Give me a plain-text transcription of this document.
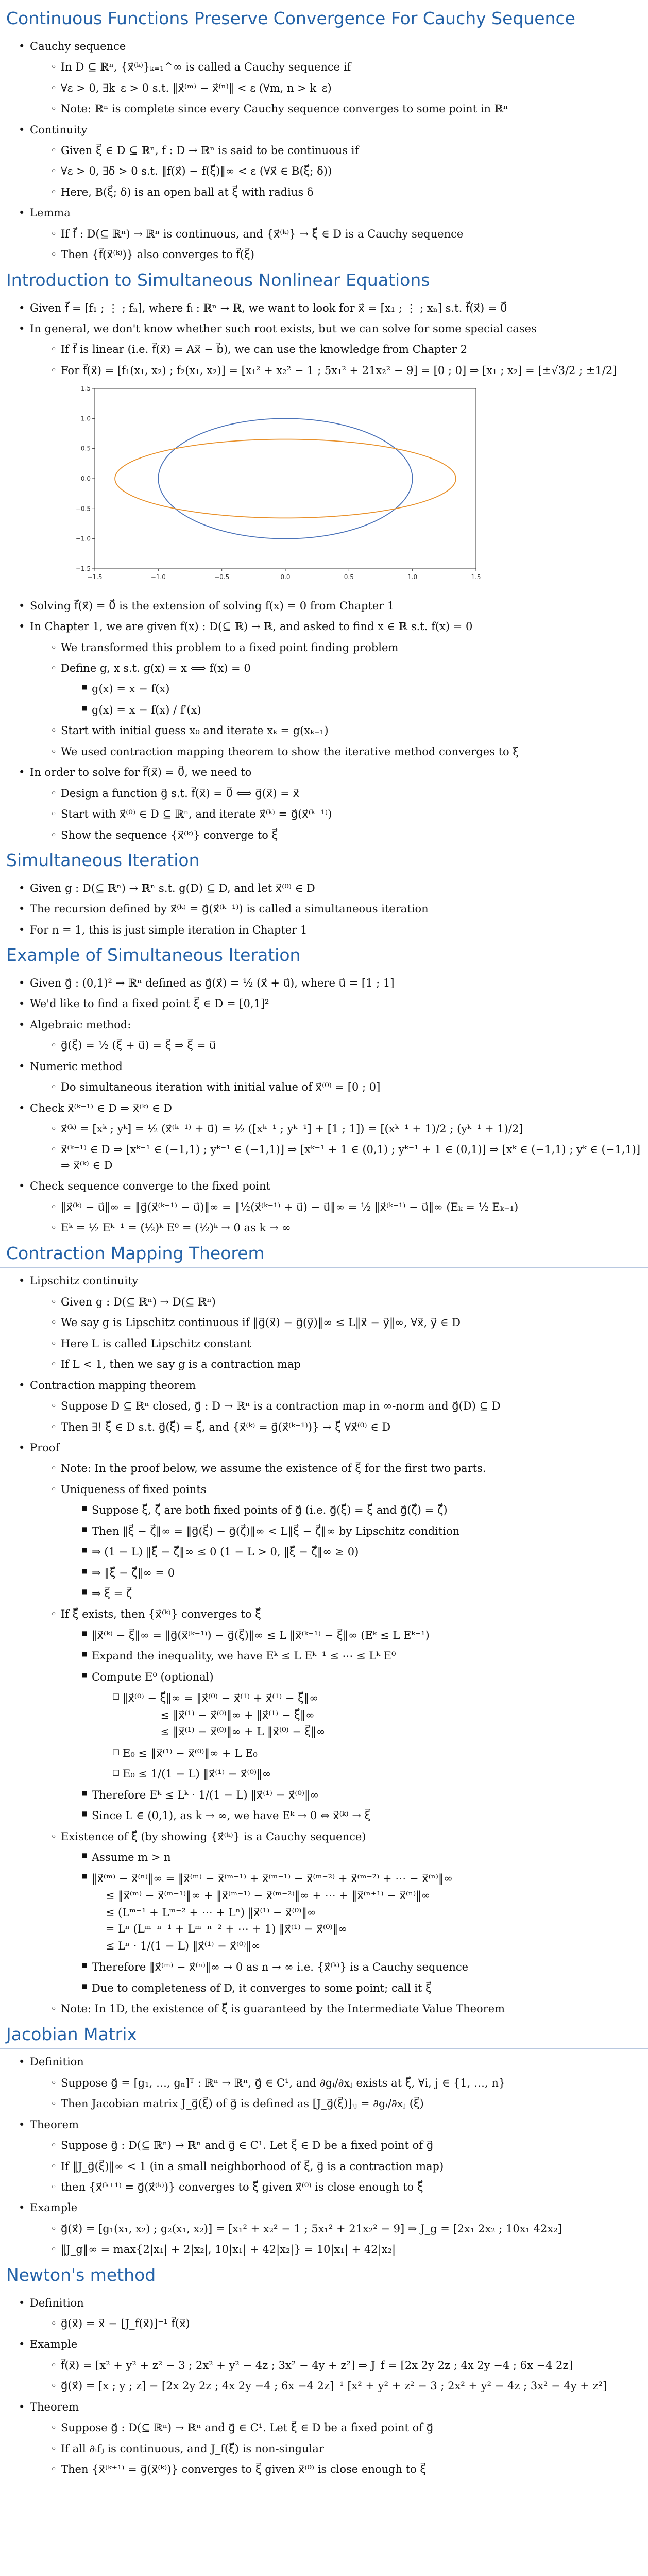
Continuous Functions Preserve Convergence For Cauchy Sequence
• Cauchy sequence
◦ In D ⊆ ℝⁿ, {x⃗⁽ᵏ⁾}ₖ₌₁^∞ is called a Cauchy sequence if
◦ ∀ε > 0, ∃k_ε > 0 s.t. ‖x⃗⁽ᵐ⁾ − x⃗⁽ⁿ⁾‖ < ε (∀m, n > k_ε)
◦ Note: ℝⁿ is complete since every Cauchy sequence converges to some point in ℝⁿ
• Continuity
◦ Given ξ⃗ ∈ D ⊆ ℝⁿ, f : D → ℝⁿ is said to be continuous if
◦ ∀ε > 0, ∃δ > 0 s.t. ‖f(x⃗) − f(ξ⃗)‖∞ < ε (∀x⃗ ∈ B(ξ⃗; δ))
◦ Here, B(ξ⃗; δ) is an open ball at ξ⃗ with radius δ
• Lemma
◦ If f⃗ : D(⊆ ℝⁿ) → ℝⁿ is continuous, and {x⃗⁽ᵏ⁾} → ξ⃗ ∈ D is a Cauchy sequence
◦ Then {f⃗(x⃗⁽ᵏ⁾)} also converges to f⃗(ξ⃗)
Introduction to Simultaneous Nonlinear Equations
• Given f⃗ = [f₁ ; ⋮ ; fₙ], where fᵢ : ℝⁿ → ℝ, we want to look for x⃗ = [x₁ ; ⋮ ; xₙ] s.t. f⃗(x⃗) = 0⃗
• In general, we don't know whether such root exists, but we can solve for some special cases
◦ If f⃗ is linear (i.e. f⃗(x⃗) = Ax⃗ − b⃗), we can use the knowledge from Chapter 2
◦ For f⃗(x⃗) = [f₁(x₁, x₂) ; f₂(x₁, x₂)] = [x₁² + x₂² − 1 ; 5x₁² + 21x₂² − 9] = [0 ; 0] ⇒ [x₁ ; x₂] = [±√3/2 ; ±1/2]
−1.5	−1.0	−0.5	0.0	0.5	1.0	1.5
−1.5
−1.0
−0.5
0.0
0.5
1.0
1.5
• Solving f⃗(x⃗) = 0⃗ is the extension of solving f(x) = 0 from Chapter 1
• In Chapter 1, we are given f(x) : D(⊆ ℝ) → ℝ, and asked to find x ∈ ℝ s.t. f(x) = 0
◦ We transformed this problem to a fixed point finding problem
◦ Define g, x s.t. g(x) = x ⟺ f(x) = 0
■ g(x) = x − f(x)
■ g(x) = x − f(x) / f′(x)
◦ Start with initial guess x₀ and iterate xₖ = g(xₖ₋₁)
◦ We used contraction mapping theorem to show the iterative method converges to ξ
• In order to solve for f⃗(x⃗) = 0⃗, we need to
◦ Design a function g⃗ s.t. f⃗(x⃗) = 0⃗ ⟺ g⃗(x⃗) = x⃗
◦ Start with x⃗⁽⁰⁾ ∈ D ⊆ ℝⁿ, and iterate x⃗⁽ᵏ⁾ = g⃗(x⃗⁽ᵏ⁻¹⁾)
◦ Show the sequence {x⃗⁽ᵏ⁾} converge to ξ⃗
Simultaneous Iteration
• Given g : D(⊆ ℝⁿ) → ℝⁿ s.t. g(D) ⊆ D, and let x⃗⁽⁰⁾ ∈ D
• The recursion defined by x⃗⁽ᵏ⁾ = g⃗(x⃗⁽ᵏ⁻¹⁾) is called a simultaneous iteration
• For n = 1, this is just simple iteration in Chapter 1
Example of Simultaneous Iteration
• Given g⃗ : (0,1)² → ℝⁿ defined as g⃗(x⃗) = ½ (x⃗ + u⃗), where u⃗ = [1 ; 1]
• We'd like to find a fixed point ξ⃗ ∈ D = [0,1]²
• Algebraic method:
◦ g⃗(ξ⃗) = ½ (ξ⃗ + u⃗) = ξ⃗ ⇒ ξ⃗ = u⃗
• Numeric method
◦ Do simultaneous iteration with initial value of x⃗⁽⁰⁾ = [0 ; 0]
• Check x⃗⁽ᵏ⁻¹⁾ ∈ D ⇒ x⃗⁽ᵏ⁾ ∈ D
◦ x⃗⁽ᵏ⁾ = [xᵏ ; yᵏ] = ½ (x⃗⁽ᵏ⁻¹⁾ + u⃗) = ½ ([xᵏ⁻¹ ; yᵏ⁻¹] + [1 ; 1]) = [(xᵏ⁻¹ + 1)/2 ; (yᵏ⁻¹ + 1)/2]
◦ x⃗⁽ᵏ⁻¹⁾ ∈ D ⇒ [xᵏ⁻¹ ∈ (−1,1) ; yᵏ⁻¹ ∈ (−1,1)] ⇒ [xᵏ⁻¹ + 1 ∈ (0,1) ; yᵏ⁻¹ + 1 ∈ (0,1)] ⇒ [xᵏ ∈ (−1,1) ; yᵏ ∈ (−1,1)] ⇒ x⃗⁽ᵏ⁾ ∈ D
• Check sequence converge to the fixed point
◦ ‖x⃗⁽ᵏ⁾ − u⃗‖∞ = ‖g⃗(x⃗⁽ᵏ⁻¹⁾ − u⃗)‖∞ = ‖½(x⃗⁽ᵏ⁻¹⁾ + u⃗) − u⃗‖∞ = ½ ‖x⃗⁽ᵏ⁻¹⁾ − u⃗‖∞ (Eₖ = ½ Eₖ₋₁)
◦ Eᵏ = ½ Eᵏ⁻¹ = (½)ᵏ E⁰ = (½)ᵏ → 0 as k → ∞
Contraction Mapping Theorem
• Lipschitz continuity
◦ Given g : D(⊆ ℝⁿ) → D(⊆ ℝⁿ)
◦ We say g is Lipschitz continuous if ‖g⃗(x⃗) − g⃗(y⃗)‖∞ ≤ L‖x⃗ − y⃗‖∞, ∀x⃗, y⃗ ∈ D
◦ Here L is called Lipschitz constant
◦ If L < 1, then we say g is a contraction map
• Contraction mapping theorem
◦ Suppose D ⊆ ℝⁿ closed, g⃗ : D → ℝⁿ is a contraction map in ∞-norm and g⃗(D) ⊆ D
◦ Then ∃! ξ⃗ ∈ D s.t. g⃗(ξ⃗) = ξ⃗, and {x⃗⁽ᵏ⁾ = g⃗(x⃗⁽ᵏ⁻¹⁾)} → ξ⃗ ∀x⃗⁽⁰⁾ ∈ D
• Proof
◦ Note: In the proof below, we assume the existence of ξ⃗ for the first two parts.
◦ Uniqueness of fixed points
■ Suppose ξ⃗, ζ⃗ are both fixed points of g⃗ (i.e. g⃗(ξ⃗) = ξ⃗ and g⃗(ζ⃗) = ζ⃗)
■ Then ‖ξ⃗ − ζ⃗‖∞ = ‖g⃗(ξ⃗) − g⃗(ζ⃗)‖∞ < L‖ξ⃗ − ζ⃗‖∞ by Lipschitz condition
■ ⇒ (1 − L) ‖ξ⃗ − ζ⃗‖∞ ≤ 0 (1 − L > 0, ‖ξ⃗ − ζ⃗‖∞ ≥ 0)
■ ⇒ ‖ξ⃗ − ζ⃗‖∞ = 0
■ ⇒ ξ⃗ = ζ⃗
◦ If ξ⃗ exists, then {x⃗⁽ᵏ⁾} converges to ξ⃗
■ ‖x⃗⁽ᵏ⁾ − ξ⃗‖∞ = ‖g⃗(x⃗⁽ᵏ⁻¹⁾) − g⃗(ξ⃗)‖∞ ≤ L ‖x⃗⁽ᵏ⁻¹⁾ − ξ⃗‖∞ (Eᵏ ≤ L Eᵏ⁻¹)
■ Expand the inequality, we have Eᵏ ≤ L Eᵏ⁻¹ ≤ ⋯ ≤ Lᵏ E⁰
■ Compute E⁰ (optional)
□ ‖x⃗⁽⁰⁾ − ξ⃗‖∞ = ‖x⃗⁽⁰⁾ − x⃗⁽¹⁾ + x⃗⁽¹⁾ − ξ⃗‖∞
≤ ‖x⃗⁽¹⁾ − x⃗⁽⁰⁾‖∞ + ‖x⃗⁽¹⁾ − ξ⃗‖∞
≤ ‖x⃗⁽¹⁾ − x⃗⁽⁰⁾‖∞ + L ‖x⃗⁽⁰⁾ − ξ⃗‖∞
□ E₀ ≤ ‖x⃗⁽¹⁾ − x⃗⁽⁰⁾‖∞ + L E₀
□ E₀ ≤ 1/(1 − L) ‖x⃗⁽¹⁾ − x⃗⁽⁰⁾‖∞
■ Therefore Eᵏ ≤ Lᵏ · 1/(1 − L) ‖x⃗⁽¹⁾ − x⃗⁽⁰⁾‖∞
■ Since L ∈ (0,1), as k → ∞, we have Eᵏ → 0 ⇔ x⃗⁽ᵏ⁾ → ξ⃗
◦ Existence of ξ⃗ (by showing {x⃗⁽ᵏ⁾} is a Cauchy sequence)
■ Assume m > n
■ ‖x⃗⁽ᵐ⁾ − x⃗⁽ⁿ⁾‖∞ = ‖x⃗⁽ᵐ⁾ − x⃗⁽ᵐ⁻¹⁾ + x⃗⁽ᵐ⁻¹⁾ − x⃗⁽ᵐ⁻²⁾ + x⃗⁽ᵐ⁻²⁾ + ⋯ − x⃗⁽ⁿ⁾‖∞
≤ ‖x⃗⁽ᵐ⁾ − x⃗⁽ᵐ⁻¹⁾‖∞ + ‖x⃗⁽ᵐ⁻¹⁾ − x⃗⁽ᵐ⁻²⁾‖∞ + ⋯ + ‖x⃗⁽ⁿ⁺¹⁾ − x⃗⁽ⁿ⁾‖∞
≤ (Lᵐ⁻¹ + Lᵐ⁻² + ⋯ + Lⁿ) ‖x⃗⁽¹⁾ − x⃗⁽⁰⁾‖∞
= Lⁿ (Lᵐ⁻ⁿ⁻¹ + Lᵐ⁻ⁿ⁻² + ⋯ + 1) ‖x⃗⁽¹⁾ − x⃗⁽⁰⁾‖∞
≤ Lⁿ · 1/(1 − L) ‖x⃗⁽¹⁾ − x⃗⁽⁰⁾‖∞
■ Therefore ‖x⃗⁽ᵐ⁾ − x⃗⁽ⁿ⁾‖∞ → 0 as n → ∞ i.e. {x⃗⁽ᵏ⁾} is a Cauchy sequence
■ Due to completeness of D, it converges to some point; call it ξ⃗
◦ Note: In 1D, the existence of ξ⃗ is guaranteed by the Intermediate Value Theorem
Jacobian Matrix
• Definition
◦ Suppose g⃗ = [g₁, …, gₙ]ᵀ : ℝⁿ → ℝⁿ, g⃗ ∈ C¹, and ∂gᵢ/∂xⱼ exists at ξ⃗, ∀i, j ∈ {1, …, n}
◦ Then Jacobian matrix J_g⃗(ξ⃗) of g⃗ is defined as [J_g⃗(ξ⃗)]ᵢⱼ = ∂gᵢ/∂xⱼ (ξ⃗)
• Theorem
◦ Suppose g⃗ : D(⊆ ℝⁿ) → ℝⁿ and g⃗ ∈ C¹. Let ξ⃗ ∈ D be a fixed point of g⃗
◦ If ‖J_g⃗(ξ⃗)‖∞ < 1 (in a small neighborhood of ξ⃗, g⃗ is a contraction map)
◦ then {x⃗⁽ᵏ⁺¹⁾ = g⃗(x⃗⁽ᵏ⁾)} converges to ξ⃗ given x⃗⁽⁰⁾ is close enough to ξ⃗
• Example
◦ g⃗(x⃗) = [g₁(x₁, x₂) ; g₂(x₁, x₂)] = [x₁² + x₂² − 1 ; 5x₁² + 21x₂² − 9] ⇒ J_g = [2x₁ 2x₂ ; 10x₁ 42x₂]
◦ ‖J_g‖∞ = max{2|x₁| + 2|x₂|, 10|x₁| + 42|x₂|} = 10|x₁| + 42|x₂|
Newton's method
• Definition
◦ g⃗(x⃗) = x⃗ − [J_f(x⃗)]⁻¹ f⃗(x⃗)
• Example
◦ f⃗(x⃗) = [x² + y² + z² − 3 ; 2x² + y² − 4z ; 3x² − 4y + z²] ⇒ J_f = [2x 2y 2z ; 4x 2y −4 ; 6x −4 2z]
◦ g⃗(x⃗) = [x ; y ; z] − [2x 2y 2z ; 4x 2y −4 ; 6x −4 2z]⁻¹ [x² + y² + z² − 3 ; 2x² + y² − 4z ; 3x² − 4y + z²]
• Theorem
◦ Suppose g⃗ : D(⊆ ℝⁿ) → ℝⁿ and g⃗ ∈ C¹. Let ξ⃗ ∈ D be a fixed point of g⃗
◦ If all ∂ᵢfⱼ is continuous, and J_f(ξ⃗) is non-singular
◦ Then {x⃗⁽ᵏ⁺¹⁾ = g⃗(x⃗⁽ᵏ⁾)} converges to ξ⃗ given x⃗⁽⁰⁾ is close enough to ξ⃗
